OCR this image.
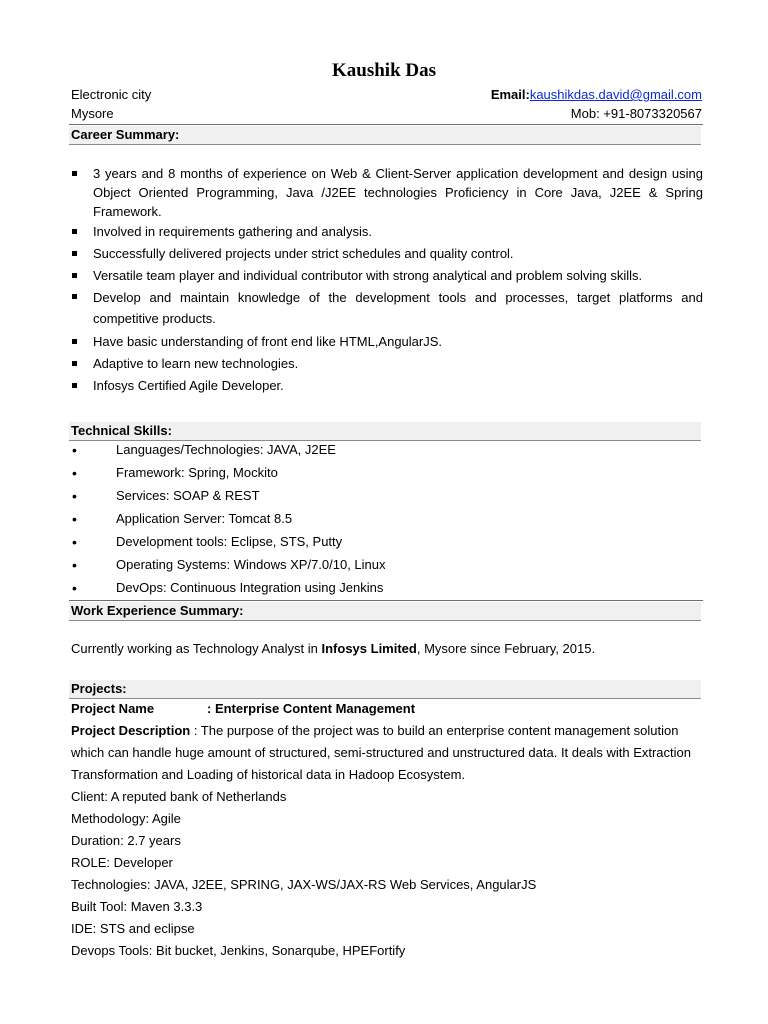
Kaushik Das
Electronic city
Mysore
Email:kaushikdas.david@gmail.com
Mob: +91-8073320567
Career Summary:
3 years and 8 months of experience on Web & Client-Server application development and design using Object Oriented Programming, Java /J2EE technologies Proficiency in Core Java, J2EE & Spring Framework.
Involved in requirements gathering and analysis.
Successfully delivered projects under strict schedules and quality control.
Versatile team player and individual contributor with strong analytical and problem solving skills.
Develop and maintain knowledge of the development tools and processes, target platforms and competitive products.
Have basic understanding of front end like HTML,AngularJS.
Adaptive to learn new technologies.
Infosys Certified Agile Developer.
Technical Skills:
• Languages/Technologies: JAVA, J2EE
• Framework: Spring, Mockito
• Services: SOAP & REST
• Application Server: Tomcat 8.5
• Development tools: Eclipse, STS, Putty
• Operating Systems: Windows XP/7.0/10, Linux
• DevOps: Continuous Integration using Jenkins
Work Experience Summary:
Currently working as Technology Analyst in Infosys Limited, Mysore since February, 2015.
Projects:
Project Name	: Enterprise Content Management
Project Description : The purpose of the project was to build an enterprise content management solution which can handle huge amount of structured, semi-structured and unstructured data. It deals with Extraction Transformation and Loading of historical data in Hadoop Ecosystem.
Client: A reputed bank of Netherlands
Methodology: Agile
Duration: 2.7 years
ROLE: Developer
Technologies: JAVA, J2EE, SPRING, JAX-WS/JAX-RS Web Services, AngularJS
Built Tool: Maven 3.3.3
IDE: STS and eclipse
Devops Tools: Bit bucket, Jenkins, Sonarqube, HPEFortify
